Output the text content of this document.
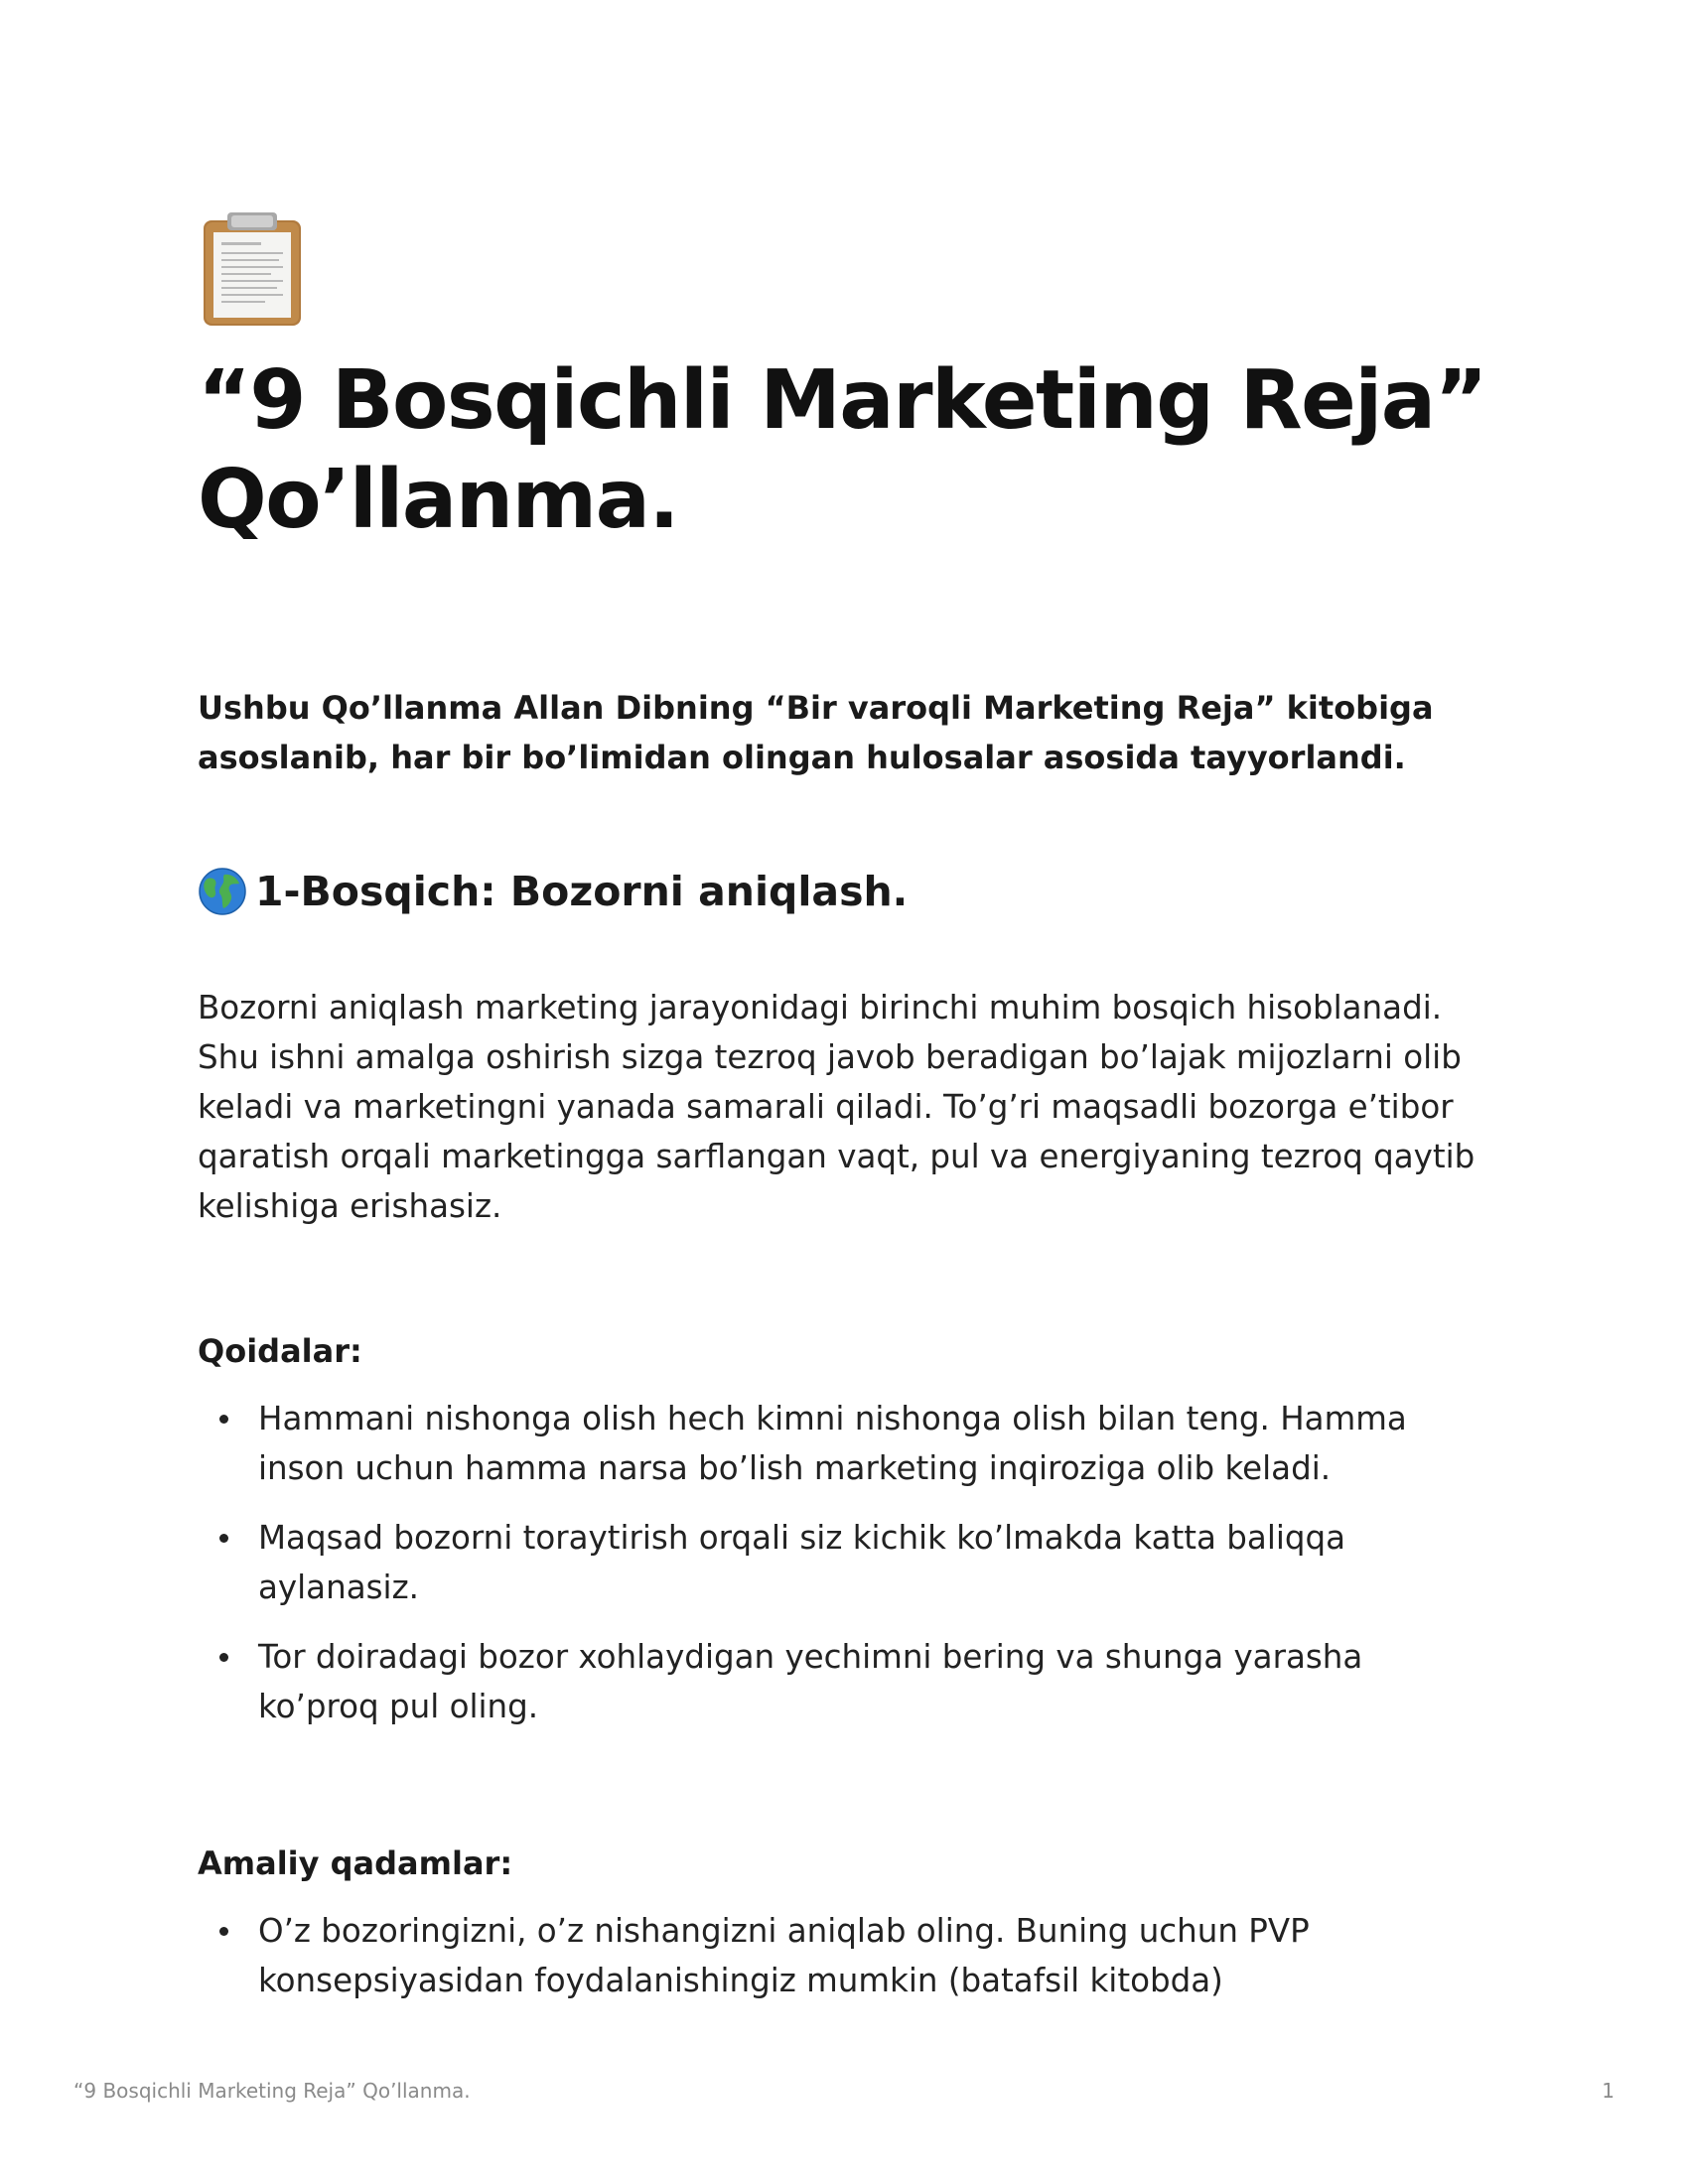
“9 Bosqichli Marketing Reja”
Qo’llanma.

Ushbu Qo’llanma Allan Dibning “Bir varoqli Marketing Reja” kitobiga asoslanib, har bir bo’limidan olingan hulosalar asosida tayyorlandi.

1-Bosqich: Bozorni aniqlash.

Bozorni aniqlash marketing jarayonidagi birinchi muhim bosqich hisoblanadi. Shu ishni amalga oshirish sizga tezroq javob beradigan bo’lajak mijozlarni olib keladi va marketingni yanada samarali qiladi. To’g’ri maqsadli bozorga e’tibor qaratish orqali marketingga sarflangan vaqt, pul va energiyaning tezroq qaytib kelishiga erishasiz.

Qoidalar:

Hammani nishonga olish hech kimni nishonga olish bilan teng. Hamma inson uchun hamma narsa bo’lish marketing inqiroziga olib keladi.
Maqsad bozorni toraytirish orqali siz kichik ko’lmakda katta baliqqa aylanasiz.
Tor doiradagi bozor xohlaydigan yechimni bering va shunga yarasha ko’proq pul oling.

Amaliy qadamlar:

O’z bozoringizni, o’z nishangizni aniqlab oling. Buning uchun PVP konsepsiyasidan foydalanishingiz mumkin (batafsil kitobda)
“9 Bosqichli Marketing Reja” Qo’llanma.	1
